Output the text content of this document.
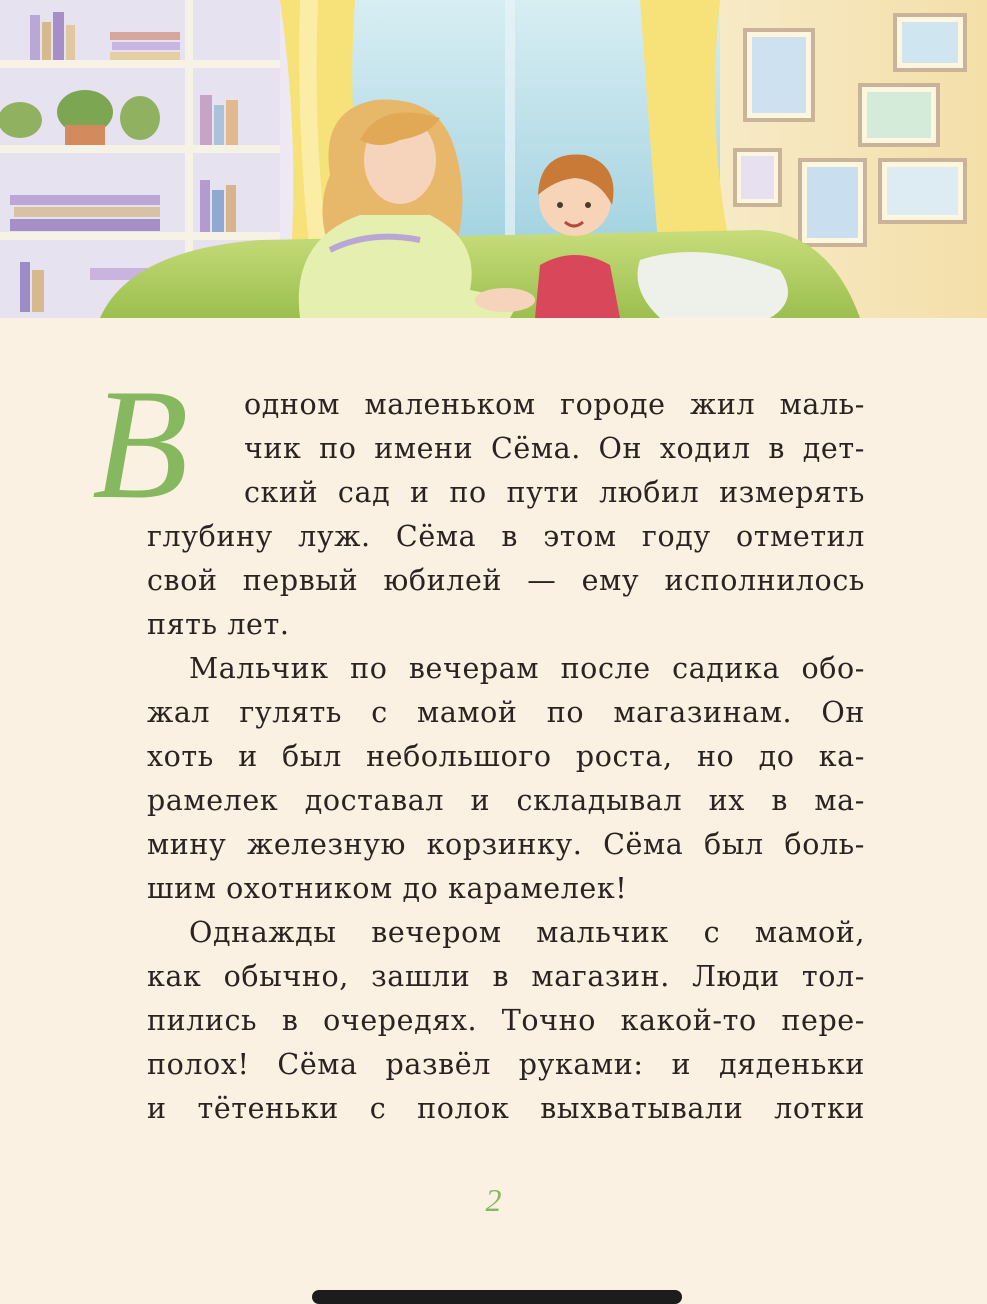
В	одном маленьком городе жил маль-
чик по имени Сёма. Он ходил в дет-
ский сад и по пути любил измерять
глубину луж. Сёма в этом году отметил
свой первый юбилей — ему исполнилось
пять лет.
Мальчик по вечерам после садика обо-
жал гулять с мамой по магазинам. Он
хоть и был небольшого роста, но до ка-
рамелек доставал и складывал их в ма-
мину железную корзинку. Сёма был боль-
шим охотником до карамелек!
Однажды вечером мальчик с мамой,
как обычно, зашли в магазин. Люди тол-
пились в очередях. Точно какой-то пере-
полох! Сёма развёл руками: и дяденьки
и тётеньки с полок выхватывали лотки
2
